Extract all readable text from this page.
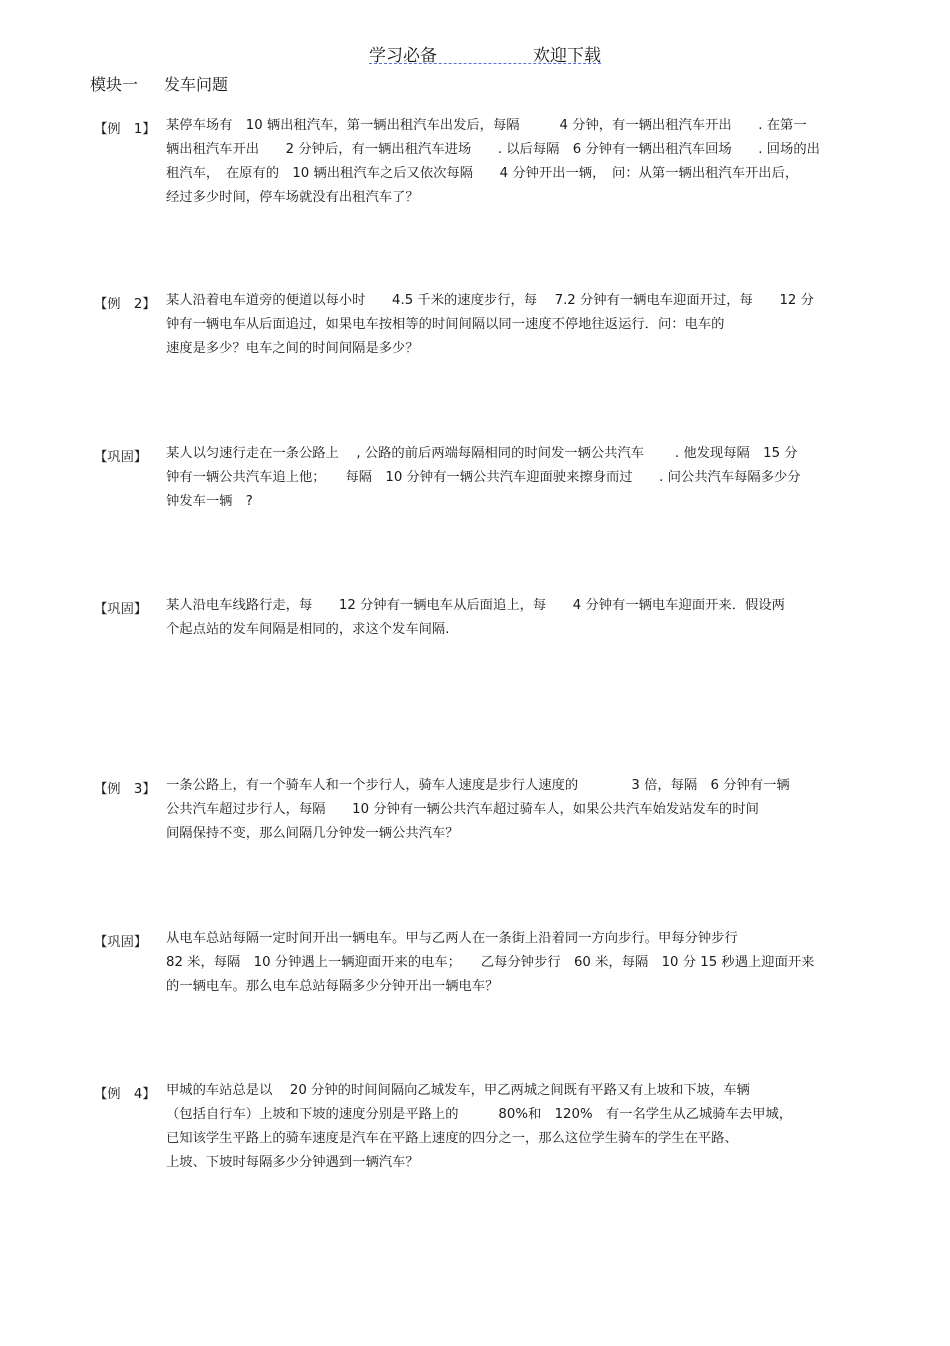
学习必备	欢迎下载
模块一 发车问题
【例　1】 某停车场有　10 辆出租汽车，第一辆出租汽车出发后，每隔　　　4 分钟，有一辆出租汽车开出　　. 在第一
辆出租汽车开出　　2 分钟后，有一辆出租汽车进场　　. 以后每隔　6 分钟有一辆出租汽车回场　　. 回场的出
租汽车，　在原有的　10 辆出租汽车之后又依次每隔　　4 分钟开出一辆，　问：从第一辆出租汽车开出后，
经过多少时间，停车场就没有出租汽车了？
【例　2】 某人沿着电车道旁的便道以每小时　　4.5 千米的速度步行，每　 7.2 分钟有一辆电车迎面开过，每　　12 分
钟有一辆电车从后面追过，如果电车按相等的时间间隔以同一速度不停地往返运行．问：电车的
速度是多少？电车之间的时间间隔是多少？
【巩固】	某人以匀速行走在一条公路上　 , 公路的前后两端每隔相同的时间发一辆公共汽车　　 . 他发现每隔　15 分
钟有一辆公共汽车追上他；　　每隔　10 分钟有一辆公共汽车迎面驶来擦身而过　　. 问公共汽车每隔多少分
钟发车一辆　?
【巩固】	某人沿电车线路行走，每　　12 分钟有一辆电车从后面追上，每　　4 分钟有一辆电车迎面开来．假设两
个起点站的发车间隔是相同的，求这个发车间隔.
【例　3】 一条公路上，有一个骑车人和一个步行人，骑车人速度是步行人速度的　　　　3 倍，每隔　6 分钟有一辆
公共汽车超过步行人，每隔　　10 分钟有一辆公共汽车超过骑车人，如果公共汽车始发站发车的时间
间隔保持不变，那么间隔几分钟发一辆公共汽车？
【巩固】	从电车总站每隔一定时间开出一辆电车。甲与乙两人在一条街上沿着同一方向步行。甲每分钟步行
82 米，每隔　10 分钟遇上一辆迎面开来的电车；　　乙每分钟步行　60 米，每隔　10 分 15 秒遇上迎面开来
的一辆电车。那么电车总站每隔多少分钟开出一辆电车？
【例　4】 甲城的车站总是以　 20 分钟的时间间隔向乙城发车，甲乙两城之间既有平路又有上坡和下坡，车辆
（包括自行车）上坡和下坡的速度分别是平路上的　　　80%和　120%　有一名学生从乙城骑车去甲城，
已知该学生平路上的骑车速度是汽车在平路上速度的四分之一，那么这位学生骑车的学生在平路、
上坡、下坡时每隔多少分钟遇到一辆汽车？
